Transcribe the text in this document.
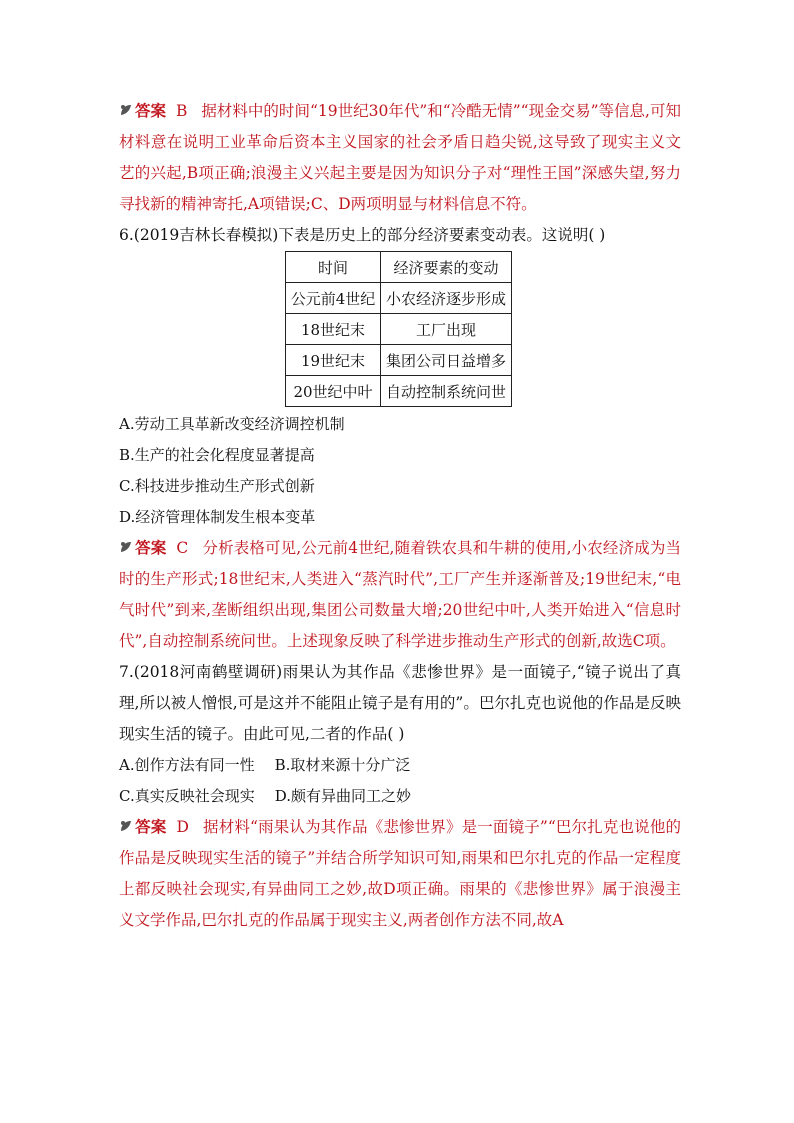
答案 B 据材料中的时间“19世纪30年代”和“冷酷无情”“现金交易”等信息,可知材料意在说明工业革命后资本主义国家的社会矛盾日趋尖锐,这导致了现实主义文艺的兴起,B项正确;浪漫主义兴起主要是因为知识分子对“理性王国”深感失望,努力寻找新的精神寄托,A项错误;C、D两项明显与材料信息不符。

6.(2019吉林长春模拟)下表是历史上的部分经济要素变动表。这说明( )

时间	经济要素的变动
公元前4世纪	小农经济逐步形成
18世纪末	工厂出现
19世纪末	集团公司日益增多
20世纪中叶	自动控制系统问世

A.劳动工具革新改变经济调控机制

B.生产的社会化程度显著提高

C.科技进步推动生产形式创新

D.经济管理体制发生根本变革

答案 C 分析表格可见,公元前4世纪,随着铁农具和牛耕的使用,小农经济成为当时的生产形式;18世纪末,人类进入“蒸汽时代”,工厂产生并逐渐普及;19世纪末,“电气时代”到来,垄断组织出现,集团公司数量大增;20世纪中叶,人类开始进入“信息时代”,自动控制系统问世。上述现象反映了科学进步推动生产形式的创新,故选C项。

7.(2018河南鹤壁调研)雨果认为其作品《悲惨世界》是一面镜子,“镜子说出了真理,所以被人憎恨,可是这并不能阻止镜子是有用的”。巴尔扎克也说他的作品是反映现实生活的镜子。由此可见,二者的作品( )

A.创作方法有同一性 B.取材来源十分广泛

C.真实反映社会现实 D.颇有异曲同工之妙

答案 D 据材料“雨果认为其作品《悲惨世界》是一面镜子”“巴尔扎克也说他的作品是反映现实生活的镜子”并结合所学知识可知,雨果和巴尔扎克的作品一定程度上都反映社会现实,有异曲同工之妙,故D项正确。雨果的《悲惨世界》属于浪漫主义文学作品,巴尔扎克的作品属于现实主义,两者创作方法不同,故A
